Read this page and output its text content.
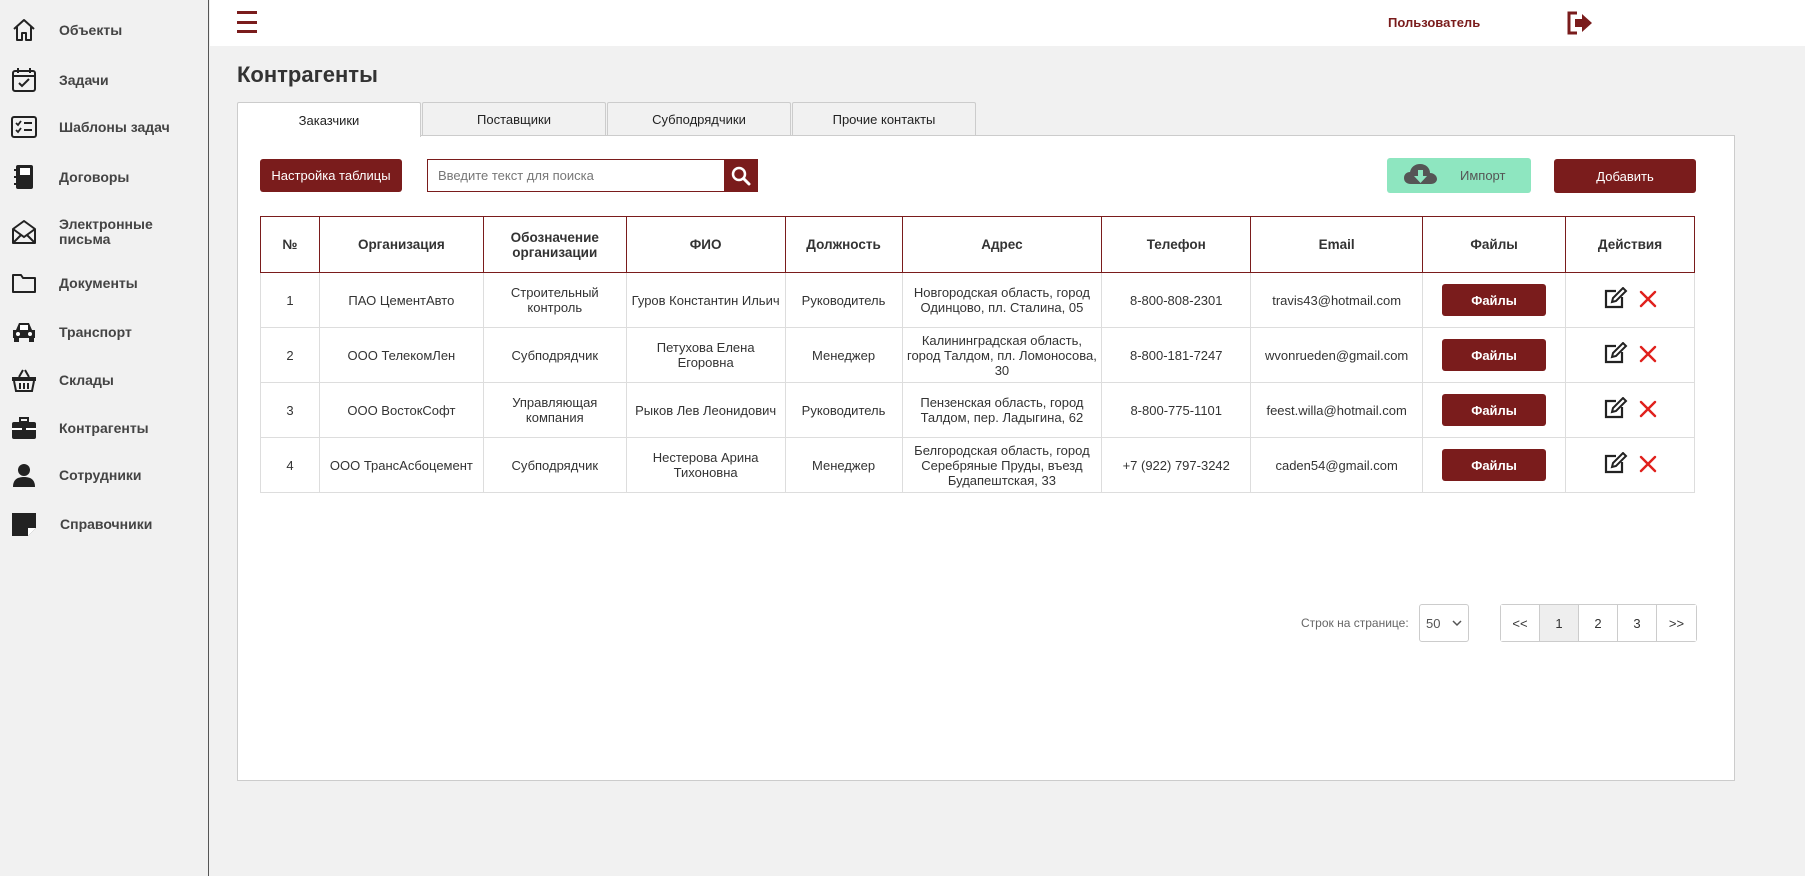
Объекты
Задачи
Шаблоны задач
Договоры
Электронные письма
Документы
Транспорт
Склады
Контрагенты
Сотрудники
Справочники
Пользователь
Контрагенты
Заказчики	Поставщики	Субподрядчики	Прочие контакты
Настройка таблицы
Введите текст для поиска	Импорт	Добавить
№	Организация	Обозначение организации	ФИО	Должность	Адрес	Телефон	Email	Файлы	Действия
1	ПАО ЦементАвто	Строительный контроль	Гуров Константин Ильич	Руководитель	Новгородская область, город Одинцово, пл. Сталина, 05	8-800-808-2301	travis43@hotmail.com	Файлы	

2	ООО ТелекомЛен	Субподрядчик	Петухова Елена Егоровна	Менеджер	Калининградская область, город Талдом, пл. Ломоносова, 30	8-800-181-7247	wvonrueden@gmail.com	Файлы	

3	ООО ВостокСофт	Управляющая компания	Рыков Лев Леонидович	Руководитель	Пензенская область, город Талдом, пер. Ладыгина, 62	8-800-775-1101	feest.willa@hotmail.com	Файлы	

4	ООО ТрансАсбоцемент	Субподрядчик	Нестерова Арина Тихоновна	Менеджер	Белгородская область, город Серебряные Пруды, въезд Будапештская, 33	+7 (922) 797-3242	caden54@gmail.com	Файлы	
Строк на странице: 50	<<	1	2	3	>>
